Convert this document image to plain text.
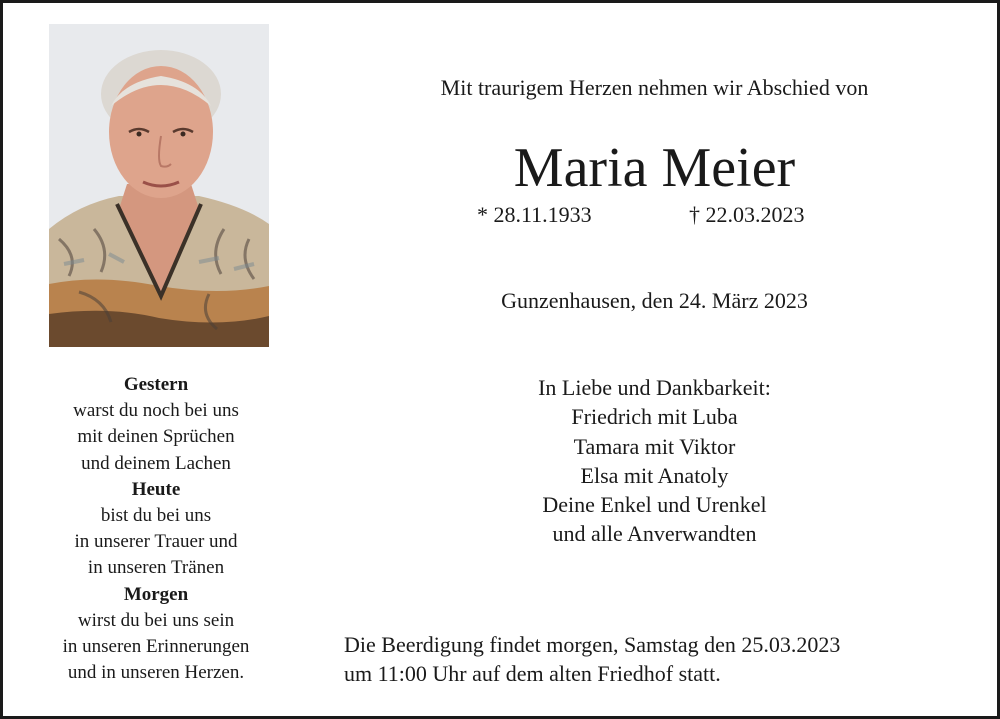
Gestern
warst du noch bei uns
mit deinen Sprüchen
und deinem Lachen
Heute
bist du bei uns
in unserer Trauer und
in unseren Tränen
Morgen
wirst du bei uns sein
in unseren Erinnerungen
und in unseren Herzen.
Mit traurigem Herzen nehmen wir Abschied von
Maria Meier
* 28.11.1933	† 22.03.2023
Gunzenhausen, den 24. März 2023
In Liebe und Dankbarkeit:
Friedrich mit Luba
Tamara mit Viktor
Elsa mit Anatoly
Deine Enkel und Urenkel
und alle Anverwandten
Die Beerdigung findet morgen, Samstag den 25.03.2023
um 11:00 Uhr auf dem alten Friedhof statt.
